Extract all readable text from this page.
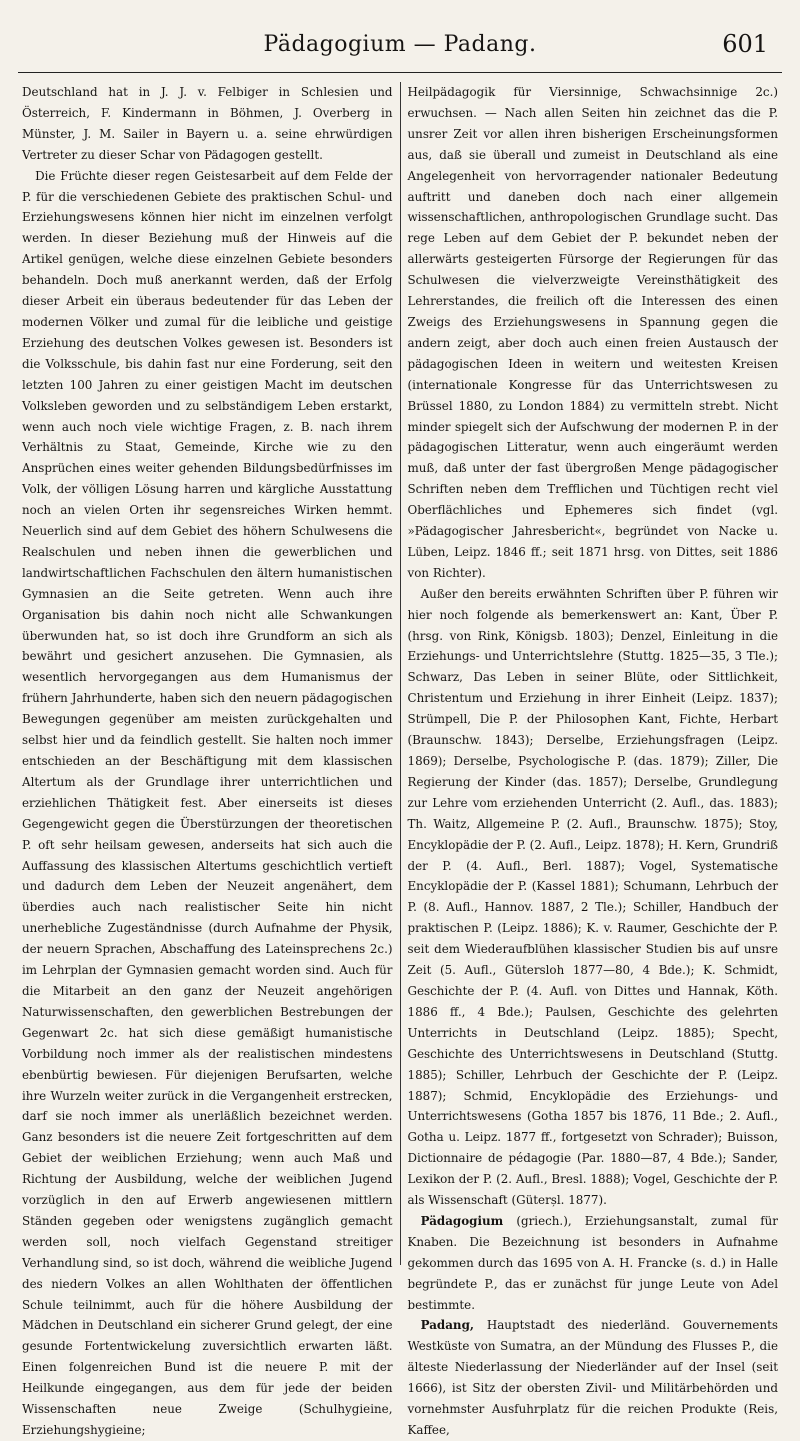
Pädagogium — Padang.	601

Deutschland hat in J. J. v. Felbiger in Schlesien und Österreich, F. Kindermann in Böhmen, J. Overberg in Münster, J. M. Sailer in Bayern u. a. seine ehrwürdigen Vertreter zu dieser Schar von Pädagogen gestellt.

Die Früchte dieser regen Geistesarbeit auf dem Felde der P. für die verschiedenen Gebiete des praktischen Schul- und Erziehungswesens können hier nicht im einzelnen verfolgt werden. In dieser Beziehung muß der Hinweis auf die Artikel genügen, welche diese einzelnen Gebiete besonders behandeln. Doch muß anerkannt werden, daß der Erfolg dieser Arbeit ein überaus bedeutender für das Leben der modernen Völker und zumal für die leibliche und geistige Erziehung des deutschen Volkes gewesen ist. Besonders ist die Volksschule, bis dahin fast nur eine Forderung, seit den letzten 100 Jahren zu einer geistigen Macht im deutschen Volksleben geworden und zu selbständigem Leben erstarkt, wenn auch noch viele wichtige Fragen, z. B. nach ihrem Verhältnis zu Staat, Gemeinde, Kirche wie zu den Ansprüchen eines weiter gehenden Bildungsbedürfnisses im Volk, der völligen Lösung harren und kärgliche Ausstattung noch an vielen Orten ihr segensreiches Wirken hemmt. Neuerlich sind auf dem Gebiet des höhern Schulwesens die Realschulen und neben ihnen die gewerblichen und landwirtschaftlichen Fachschulen den ältern humanistischen Gymnasien an die Seite getreten. Wenn auch ihre Organisation bis dahin noch nicht alle Schwankungen überwunden hat, so ist doch ihre Grundform an sich als bewährt und gesichert anzusehen. Die Gymnasien, als wesentlich hervorgegangen aus dem Humanismus der frühern Jahrhunderte, haben sich den neuern pädagogischen Bewegungen gegenüber am meisten zurückgehalten und selbst hier und da feindlich gestellt. Sie halten noch immer entschieden an der Beschäftigung mit dem klassischen Altertum als der Grundlage ihrer unterrichtlichen und erziehlichen Thätigkeit fest. Aber einerseits ist dieses Gegengewicht gegen die Überstürzungen der theoretischen P. oft sehr heilsam gewesen, anderseits hat sich auch die Auffassung des klassischen Altertums geschichtlich vertieft und dadurch dem Leben der Neuzeit angenähert, dem überdies auch nach realistischer Seite hin nicht unerhebliche Zugeständnisse (durch Aufnahme der Physik, der neuern Sprachen, Abschaffung des Lateinsprechens 2c.) im Lehrplan der Gymnasien gemacht worden sind. Auch für die Mitarbeit an den ganz der Neuzeit angehörigen Naturwissenschaften, den gewerblichen Bestrebungen der Gegenwart 2c. hat sich diese gemäßigt humanistische Vorbildung noch immer als der realistischen mindestens ebenbürtig bewiesen. Für diejenigen Berufsarten, welche ihre Wurzeln weiter zurück in die Vergangenheit erstrecken, darf sie noch immer als unerläßlich bezeichnet werden. Ganz besonders ist die neuere Zeit fortgeschritten auf dem Gebiet der weiblichen Erziehung; wenn auch Maß und Richtung der Ausbildung, welche der weiblichen Jugend vorzüglich in den auf Erwerb angewiesenen mittlern Ständen gegeben oder wenigstens zugänglich gemacht werden soll, noch vielfach Gegenstand streitiger Verhandlung sind, so ist doch, während die weibliche Jugend des niedern Volkes an allen Wohlthaten der öffentlichen Schule teilnimmt, auch für die höhere Ausbildung der Mädchen in Deutschland ein sicherer Grund gelegt, der eine gesunde Fortentwickelung zuversichtlich erwarten läßt. Einen folgenreichen Bund ist die neuere P. mit der Heilkunde eingegangen, aus dem für jede der beiden Wissenschaften neue Zweige (Schulhygieine, Erziehungshygieine;

Heilpädagogik für Viersinnige, Schwachsinnige 2c.) erwuchsen. — Nach allen Seiten hin zeichnet das die P. unsrer Zeit vor allen ihren bisherigen Erscheinungsformen aus, daß sie überall und zumeist in Deutschland als eine Angelegenheit von hervorragender nationaler Bedeutung auftritt und daneben doch nach einer allgemein wissenschaftlichen, anthropologischen Grundlage sucht. Das rege Leben auf dem Gebiet der P. bekundet neben der allerwärts gesteigerten Fürsorge der Regierungen für das Schulwesen die vielverzweigte Vereinsthätigkeit des Lehrerstandes, die freilich oft die Interessen des einen Zweigs des Erziehungswesens in Spannung gegen die andern zeigt, aber doch auch einen freien Austausch der pädagogischen Ideen in weitern und weitesten Kreisen (internationale Kongresse für das Unterrichtswesen zu Brüssel 1880, zu London 1884) zu vermitteln strebt. Nicht minder spiegelt sich der Aufschwung der modernen P. in der pädagogischen Litteratur, wenn auch eingeräumt werden muß, daß unter der fast übergroßen Menge pädagogischer Schriften neben dem Trefflichen und Tüchtigen recht viel Oberflächliches und Ephemeres sich findet (vgl. »Pädagogischer Jahresbericht«, begründet von Nacke u. Lüben, Leipz. 1846 ff.; seit 1871 hrsg. von Dittes, seit 1886 von Richter).

Außer den bereits erwähnten Schriften über P. führen wir hier noch folgende als bemerkenswert an: Kant, Über P. (hrsg. von Rink, Königsb. 1803); Denzel, Einleitung in die Erziehungs- und Unterrichtslehre (Stuttg. 1825—35, 3 Tle.); Schwarz, Das Leben in seiner Blüte, oder Sittlichkeit, Christentum und Erziehung in ihrer Einheit (Leipz. 1837); Strümpell, Die P. der Philosophen Kant, Fichte, Herbart (Braunschw. 1843); Derselbe, Erziehungsfragen (Leipz. 1869); Derselbe, Psychologische P. (das. 1879); Ziller, Die Regierung der Kinder (das. 1857); Derselbe, Grundlegung zur Lehre vom erziehenden Unterricht (2. Aufl., das. 1883); Th. Waitz, Allgemeine P. (2. Aufl., Braunschw. 1875); Stoy, Encyklopädie der P. (2. Aufl., Leipz. 1878); H. Kern, Grundriß der P. (4. Aufl., Berl. 1887); Vogel, Systematische Encyklopädie der P. (Kassel 1881); Schumann, Lehrbuch der P. (8. Aufl., Hannov. 1887, 2 Tle.); Schiller, Handbuch der praktischen P. (Leipz. 1886); K. v. Raumer, Geschichte der P. seit dem Wiederaufblühen klassischer Studien bis auf unsre Zeit (5. Aufl., Gütersloh 1877—80, 4 Bde.); K. Schmidt, Geschichte der P. (4. Aufl. von Dittes und Hannak, Köth. 1886 ff., 4 Bde.); Paulsen, Geschichte des gelehrten Unterrichts in Deutschland (Leipz. 1885); Specht, Geschichte des Unterrichtswesens in Deutschland (Stuttg. 1885); Schiller, Lehrbuch der Geschichte der P. (Leipz. 1887); Schmid, Encyklopädie des Erziehungs- und Unterrichtswesens (Gotha 1857 bis 1876, 11 Bde.; 2. Aufl., Gotha u. Leipz. 1877 ff., fortgesetzt von Schrader); Buisson, Dictionnaire de pédagogie (Par. 1880—87, 4 Bde.); Sander, Lexikon der P. (2. Aufl., Bresl. 1888); Vogel, Geschichte der P. als Wissenschaft (Güterșl. 1877).

Pädagogium (griech.), Erziehungsanstalt, zumal für Knaben. Die Bezeichnung ist besonders in Aufnahme gekommen durch das 1695 von A. H. Francke (s. d.) in Halle begründete P., das er zunächst für junge Leute von Adel bestimmte.

Padang, Hauptstadt des niederländ. Gouvernements Westküste von Sumatra, an der Mündung des Flusses P., die älteste Niederlassung der Niederländer auf der Insel (seit 1666), ist Sitz der obersten Zivil- und Militärbehörden und vornehmster Ausfuhrplatz für die reichen Produkte (Reis, Kaffee,
